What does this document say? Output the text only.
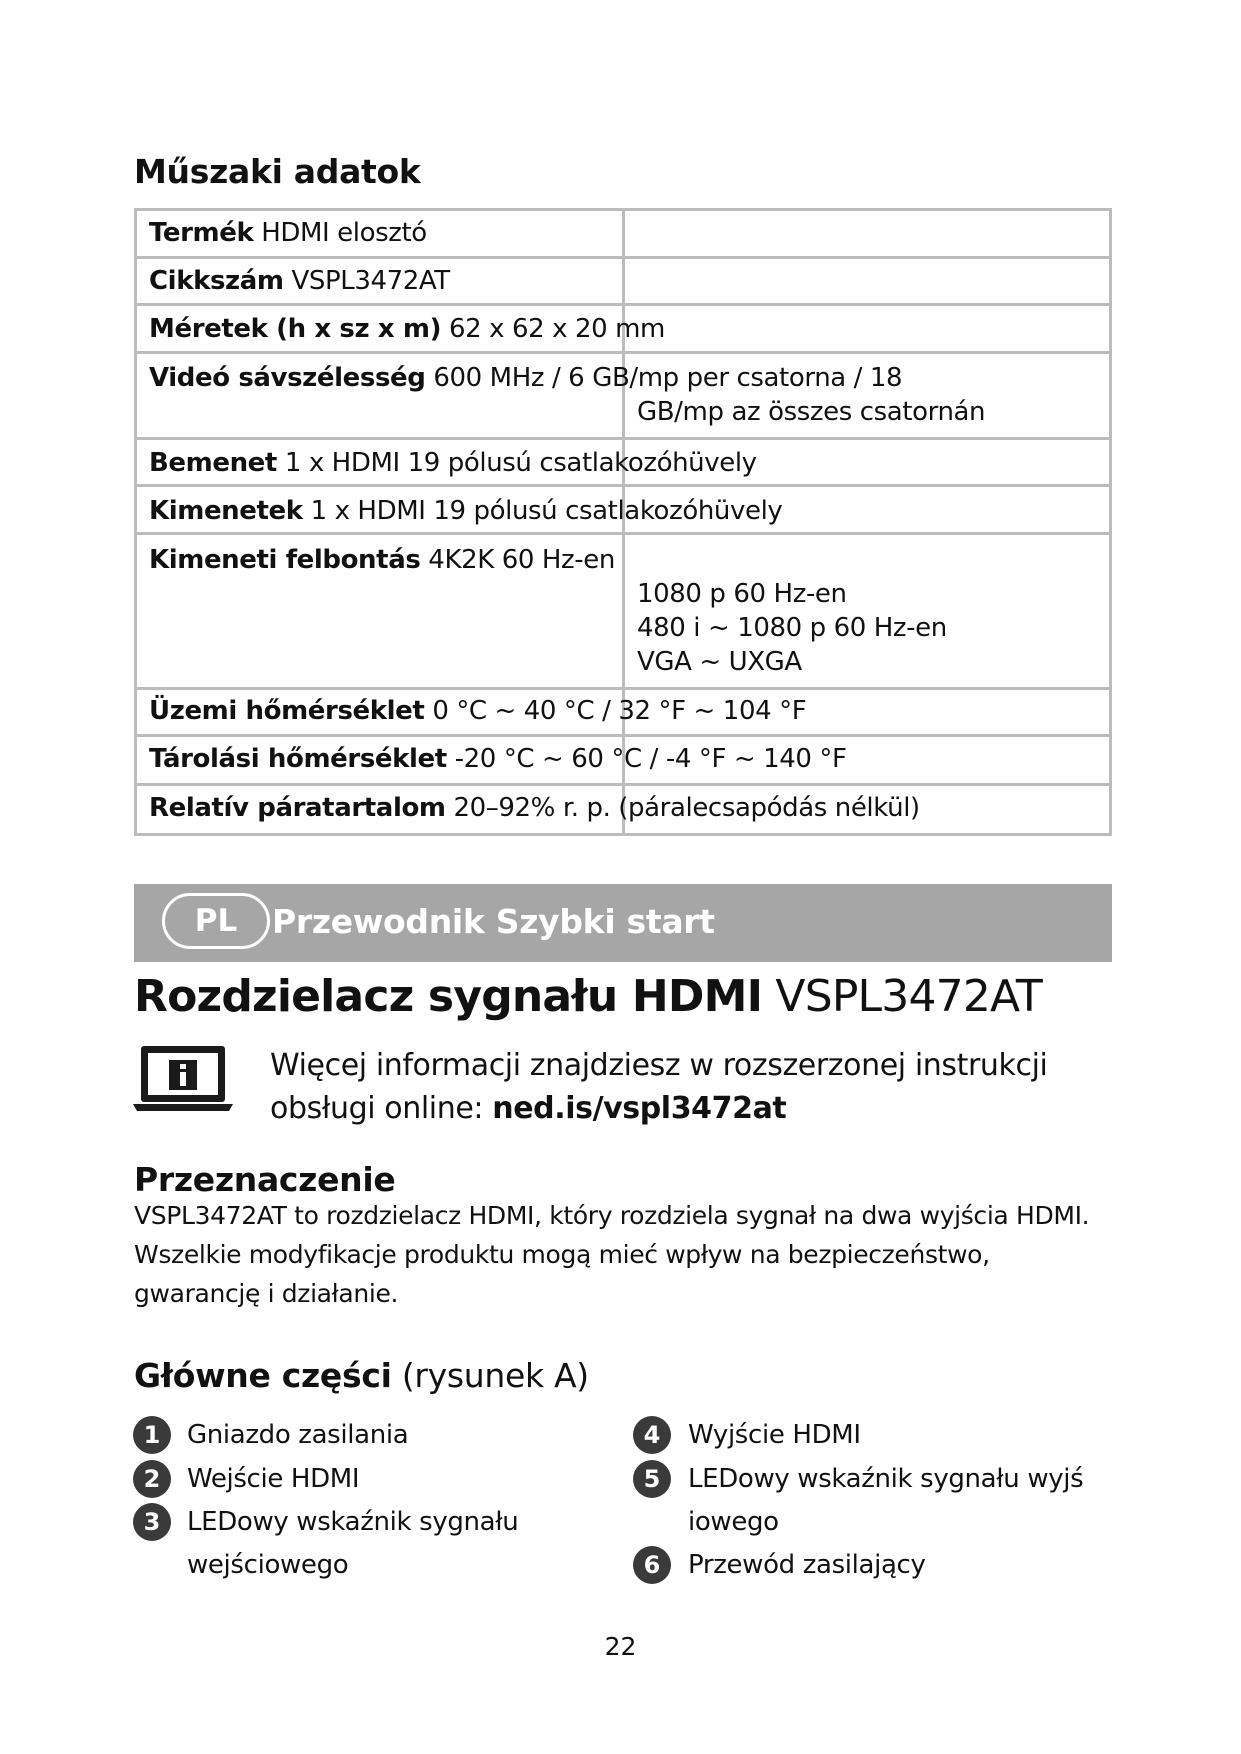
Műszaki adatok
Termék HDMI elosztó
Cikkszám VSPL3472AT
Méretek (h x sz x m) 62 x 62 x 20 mm
Videó sávszélesség 600 MHz / 6 GB/mp per csatorna / 18
GB/mp az összes csatornán
Bemenet 1 x HDMI 19 pólusú csatlakozóhüvely
Kimenetek 1 x HDMI 19 pólusú csatlakozóhüvely
Kimeneti felbontás 4K2K 60 Hz-en
1080 p 60 Hz-en
480 i ~ 1080 p 60 Hz-en
VGA ~ UXGA
Üzemi hőmérséklet 0 °C ~ 40 °C / 32 °F ~ 104 °F
Tárolási hőmérséklet -20 °C ~ 60 °C / -4 °F ~ 140 °F
Relatív páratartalom 20–92% r. p. (páralecsapódás nélkül)
PL	Przewodnik Szybki start
Rozdzielacz sygnału HDMI VSPL3472AT
Więcej informacji znajdziesz w rozszerzonej instrukcji
obsługi online: ned.is/vspl3472at
Przeznaczenie
VSPL3472AT to rozdzielacz HDMI, który rozdziela sygnał na dwa wyjścia HDMI.
Wszelkie modyfikacje produktu mogą mieć wpływ na bezpieczeństwo,
gwarancję i działanie.
Główne części (rysunek A)
1	Gniazdo zasilania
2	Wejście HDMI
3	LEDowy wskaźnik sygnału
wejściowego
4	Wyjście HDMI
5	LEDowy wskaźnik sygnału wyjś
iowego
6	Przewód zasilający
22
